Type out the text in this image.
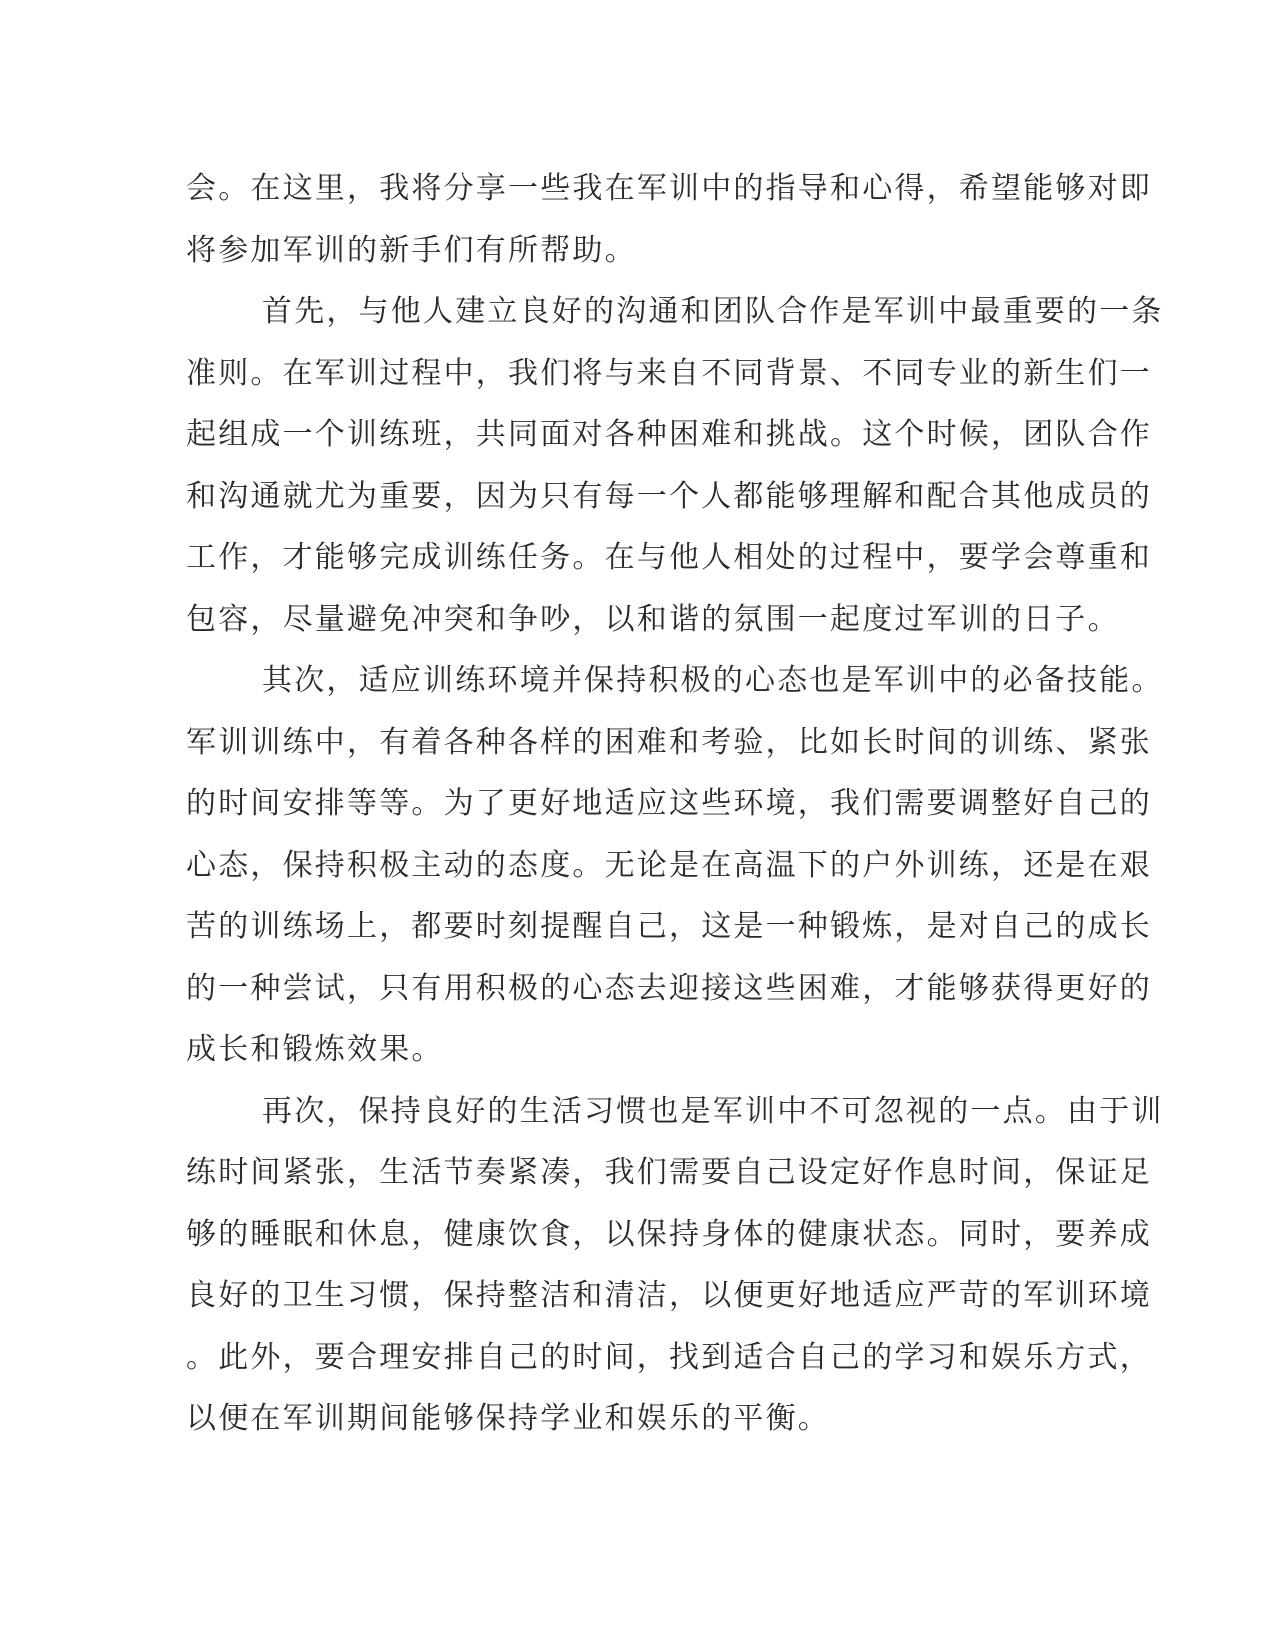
会。在这里，我将分享一些我在军训中的指导和心得，希望能够对即
将参加军训的新手们有所帮助。
首先，与他人建立良好的沟通和团队合作是军训中最重要的一条
准则。在军训过程中，我们将与来自不同背景、不同专业的新生们一
起组成一个训练班，共同面对各种困难和挑战。这个时候，团队合作
和沟通就尤为重要，因为只有每一个人都能够理解和配合其他成员的
工作，才能够完成训练任务。在与他人相处的过程中，要学会尊重和
包容，尽量避免冲突和争吵，以和谐的氛围一起度过军训的日子。
其次，适应训练环境并保持积极的心态也是军训中的必备技能。
军训训练中，有着各种各样的困难和考验，比如长时间的训练、紧张
的时间安排等等。为了更好地适应这些环境，我们需要调整好自己的
心态，保持积极主动的态度。无论是在高温下的户外训练，还是在艰
苦的训练场上，都要时刻提醒自己，这是一种锻炼，是对自己的成长
的一种尝试，只有用积极的心态去迎接这些困难，才能够获得更好的
成长和锻炼效果。
再次，保持良好的生活习惯也是军训中不可忽视的一点。由于训
练时间紧张，生活节奏紧凑，我们需要自己设定好作息时间，保证足
够的睡眠和休息，健康饮食，以保持身体的健康状态。同时，要养成
良好的卫生习惯，保持整洁和清洁，以便更好地适应严苛的军训环境
。此外，要合理安排自己的时间，找到适合自己的学习和娱乐方式，
以便在军训期间能够保持学业和娱乐的平衡。
